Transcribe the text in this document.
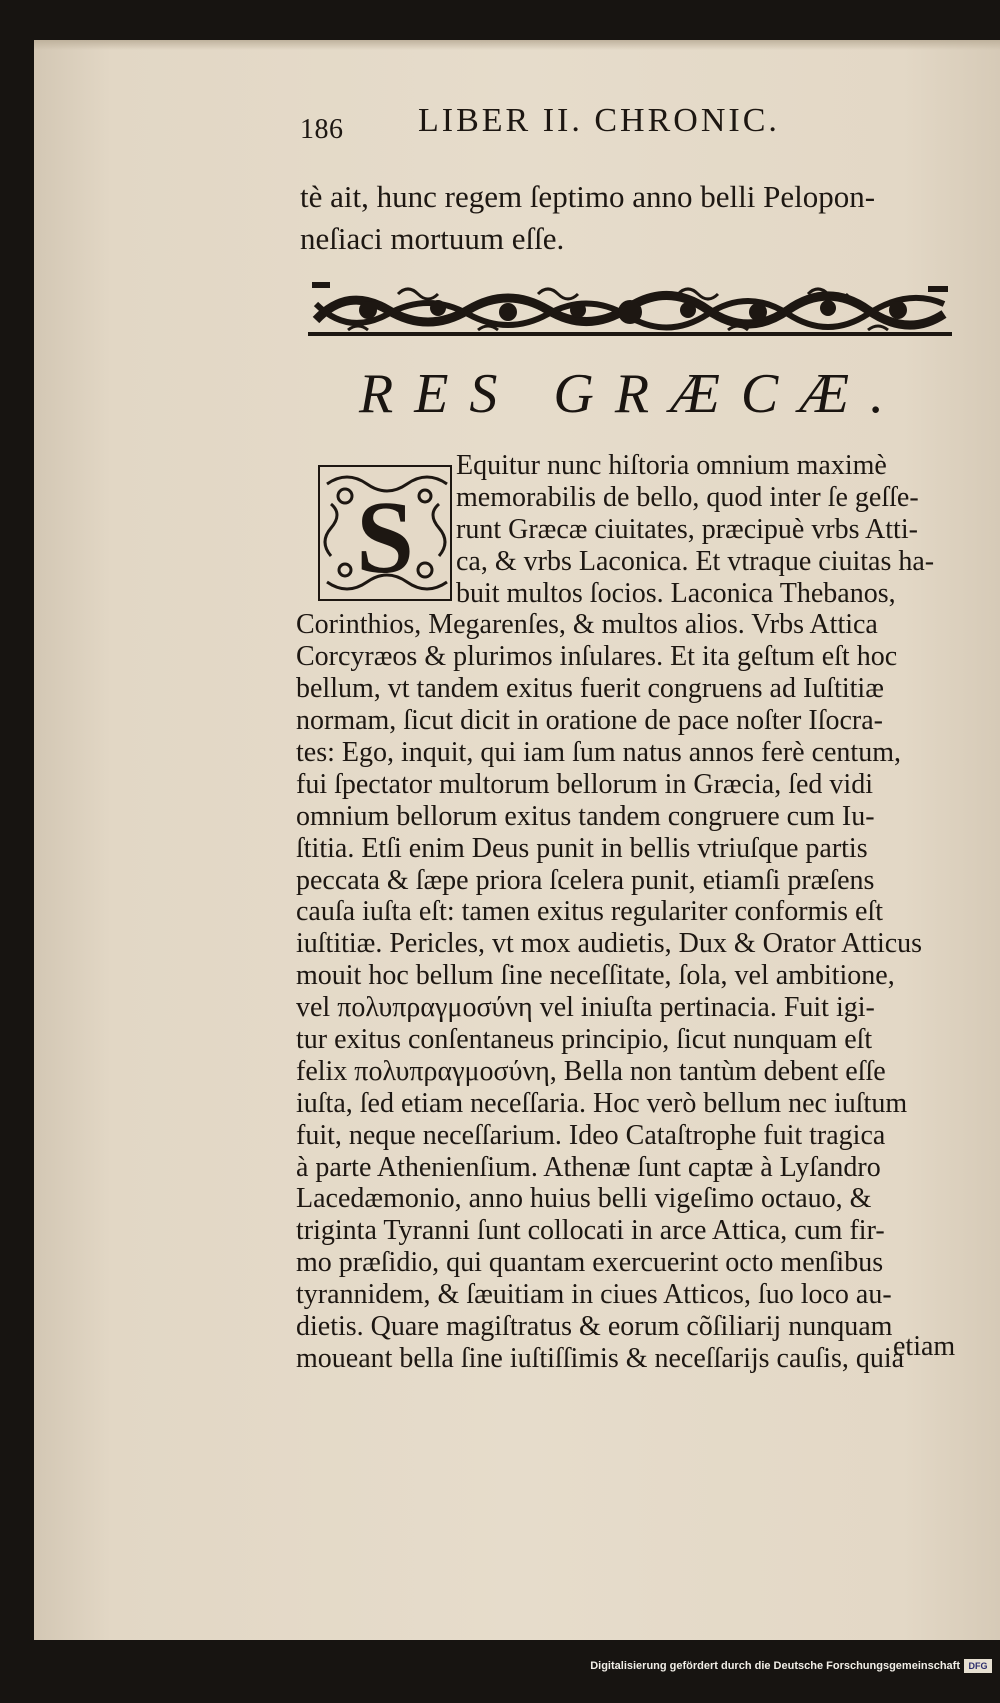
186 LIBER II. CHRONIC.
tè ait, hunc regem ſeptimo anno belli Pelopon-
neſiaci mortuum eſſe.
RES GRÆCÆ.
S
Equitur nunc hiſtoria omnium maximè
memorabilis de bello, quod inter ſe geſſe-
runt Græcæ ciuitates, præcipuè vrbs Atti-
ca, & vrbs Laconica. Et vtraque ciuitas ha-
buit multos ſocios. Laconica Thebanos,
Corinthios, Megarenſes, & multos alios. Vrbs Attica
Corcyræos & plurimos inſulares. Et ita geſtum eſt hoc
bellum, vt tandem exitus fuerit congruens ad Iuſtitiæ
normam, ſicut dicit in oratione de pace noſter Iſocra-
tes: Ego, inquit, qui iam ſum natus annos ferè centum,
fui ſpectator multorum bellorum in Græcia, ſed vidi
omnium bellorum exitus tandem congruere cum Iu-
ſtitia. Etſi enim Deus punit in bellis vtriuſque partis
peccata & ſæpe priora ſcelera punit, etiamſi præſens
cauſa iuſta eſt: tamen exitus regulariter conformis eſt
iuſtitiæ. Pericles, vt mox audietis, Dux & Orator Atticus
mouit hoc bellum ſine neceſſitate, ſola, vel ambitione,
vel πολυπραγμοσύνη vel iniuſta pertinacia. Fuit igi-
tur exitus conſentaneus principio, ſicut nunquam eſt
felix πολυπραγμοσύνη, Bella non tantùm debent eſſe
iuſta, ſed etiam neceſſaria. Hoc verò bellum nec iuſtum
fuit, neque neceſſarium. Ideo Cataſtrophe fuit tragica
à parte Athenienſium. Athenæ ſunt captæ à Lyſandro
Lacedæmonio, anno huius belli vigeſimo octauo, &
triginta Tyranni ſunt collocati in arce Attica, cum fir-
mo præſidio, qui quantam exercuerint octo menſibus
tyrannidem, & ſæuitiam in ciues Atticos, ſuo loco au-
dietis. Quare magiſtratus & eorum cõſiliarij nunquam
moueant bella ſine iuſtiſſimis & neceſſarijs cauſis, quia
etiam
Digitalisierung gefördert durch die Deutsche Forschungsgemeinschaft DFG
